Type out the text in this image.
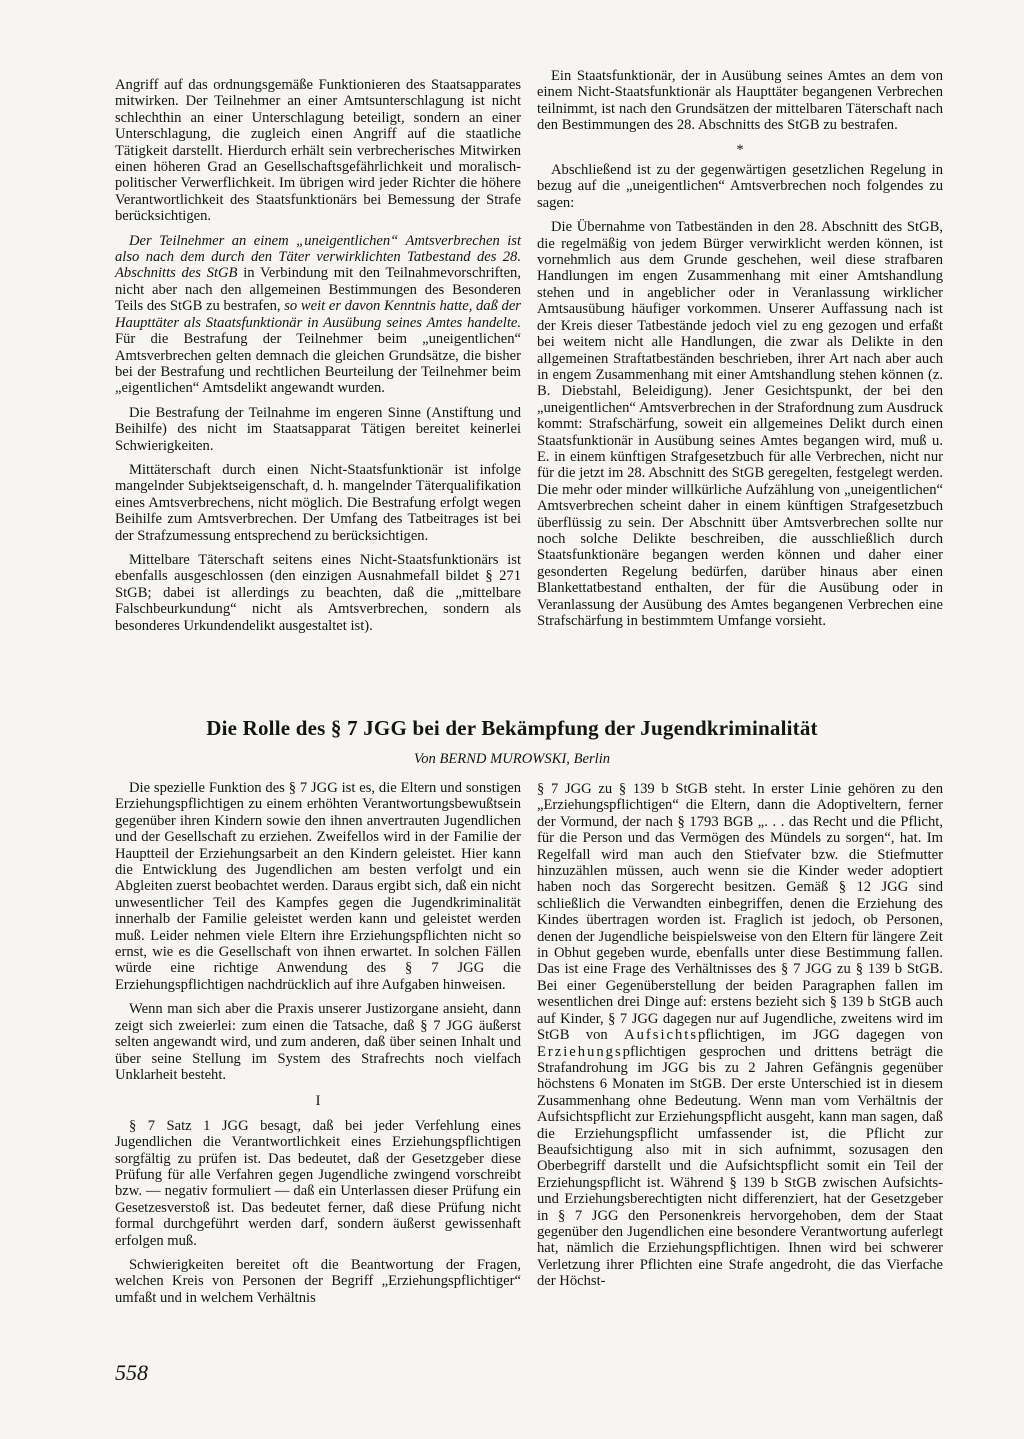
Angriff auf das ordnungsgemäße Funktionieren des Staatsapparates mitwirken. Der Teilnehmer an einer Amtsunterschlagung ist nicht schlechthin an einer Unterschlagung beteiligt, sondern an einer Unterschlagung, die zugleich einen Angriff auf die staatliche Tätigkeit darstellt. Hierdurch erhält sein verbrecherisches Mitwirken einen höheren Grad an Gesellschaftsgefährlichkeit und moralisch-politischer Verwerflichkeit. Im übrigen wird jeder Richter die höhere Verantwortlichkeit des Staatsfunktionärs bei Bemessung der Strafe berücksichtigen.

Der Teilnehmer an einem „uneigentlichen“ Amtsverbrechen ist also nach dem durch den Täter verwirklichten Tatbestand des 28. Abschnitts des StGB in Verbindung mit den Teilnahmevorschriften, nicht aber nach den allgemeinen Bestimmungen des Besonderen Teils des StGB zu bestrafen, so weit er davon Kenntnis hatte, daß der Haupttäter als Staatsfunktionär in Ausübung seines Amtes handelte. Für die Bestrafung der Teilnehmer beim „uneigentlichen“ Amtsverbrechen gelten demnach die gleichen Grundsätze, die bisher bei der Bestrafung und rechtlichen Beurteilung der Teilnehmer beim „eigentlichen“ Amtsdelikt angewandt wurden.

Die Bestrafung der Teilnahme im engeren Sinne (Anstiftung und Beihilfe) des nicht im Staatsapparat Tätigen bereitet keinerlei Schwierigkeiten.

Mittäterschaft durch einen Nicht-Staatsfunktionär ist infolge mangelnder Subjektseigenschaft, d. h. mangelnder Täterqualifikation eines Amtsverbrechens, nicht möglich. Die Bestrafung erfolgt wegen Beihilfe zum Amtsverbrechen. Der Umfang des Tatbeitrages ist bei der Strafzumessung entsprechend zu berücksichtigen.

Mittelbare Täterschaft seitens eines Nicht-Staatsfunktionärs ist ebenfalls ausgeschlossen (den einzigen Ausnahmefall bildet § 271 StGB; dabei ist allerdings zu beachten, daß die „mittelbare Falschbeurkundung“ nicht als Amtsverbrechen, sondern als besonderes Urkundendelikt ausgestaltet ist).

Ein Staatsfunktionär, der in Ausübung seines Amtes an dem von einem Nicht-Staatsfunktionär als Haupttäter begangenen Verbrechen teilnimmt, ist nach den Grundsätzen der mittelbaren Täterschaft nach den Bestimmungen des 28. Abschnitts des StGB zu bestrafen.

*

Abschließend ist zu der gegenwärtigen gesetzlichen Regelung in bezug auf die „uneigentlichen“ Amtsverbrechen noch folgendes zu sagen:

Die Übernahme von Tatbeständen in den 28. Abschnitt des StGB, die regelmäßig von jedem Bürger verwirklicht werden können, ist vornehmlich aus dem Grunde geschehen, weil diese strafbaren Handlungen im engen Zusammenhang mit einer Amtshandlung stehen und in angeblicher oder in Veranlassung wirklicher Amtsausübung häufiger vorkommen. Unserer Auffassung nach ist der Kreis dieser Tatbestände jedoch viel zu eng gezogen und erfaßt bei weitem nicht alle Handlungen, die zwar als Delikte in den allgemeinen Straftatbeständen beschrieben, ihrer Art nach aber auch in engem Zusammenhang mit einer Amtshandlung stehen können (z. B. Diebstahl, Beleidigung). Jener Gesichtspunkt, der bei den „uneigentlichen“ Amtsverbrechen in der Strafordnung zum Ausdruck kommt: Strafschärfung, soweit ein allgemeines Delikt durch einen Staatsfunktionär in Ausübung seines Amtes begangen wird, muß u. E. in einem künftigen Strafgesetzbuch für alle Verbrechen, nicht nur für die jetzt im 28. Abschnitt des StGB geregelten, festgelegt werden. Die mehr oder minder willkürliche Aufzählung von „uneigentlichen“ Amtsverbrechen scheint daher in einem künftigen Strafgesetzbuch überflüssig zu sein. Der Abschnitt über Amtsverbrechen sollte nur noch solche Delikte beschreiben, die ausschließlich durch Staatsfunktionäre begangen werden können und daher einer gesonderten Regelung bedürfen, darüber hinaus aber einen Blankettatbestand enthalten, der für die Ausübung oder in Veranlassung der Ausübung des Amtes begangenen Verbrechen eine Strafschärfung in bestimmtem Umfange vorsieht.

Die Rolle des § 7 JGG bei der Bekämpfung der Jugendkriminalität
Von BERND MUROWSKI, Berlin

Die spezielle Funktion des § 7 JGG ist es, die Eltern und sonstigen Erziehungspflichtigen zu einem erhöhten Verantwortungsbewußtsein gegenüber ihren Kindern sowie den ihnen anvertrauten Jugendlichen und der Gesellschaft zu erziehen. Zweifellos wird in der Familie der Hauptteil der Erziehungsarbeit an den Kindern geleistet. Hier kann die Entwicklung des Jugendlichen am besten verfolgt und ein Abgleiten zuerst beobachtet werden. Daraus ergibt sich, daß ein nicht unwesentlicher Teil des Kampfes gegen die Jugendkriminalität innerhalb der Familie geleistet werden kann und geleistet werden muß. Leider nehmen viele Eltern ihre Erziehungspflichten nicht so ernst, wie es die Gesellschaft von ihnen erwartet. In solchen Fällen würde eine richtige Anwendung des § 7 JGG die Erziehungspflichtigen nachdrücklich auf ihre Aufgaben hinweisen.

Wenn man sich aber die Praxis unserer Justizorgane ansieht, dann zeigt sich zweierlei: zum einen die Tatsache, daß § 7 JGG äußerst selten angewandt wird, und zum anderen, daß über seinen Inhalt und über seine Stellung im System des Strafrechts noch vielfach Unklarheit besteht.

I

§ 7 Satz 1 JGG besagt, daß bei jeder Verfehlung eines Jugendlichen die Verantwortlichkeit eines Erziehungspflichtigen sorgfältig zu prüfen ist. Das bedeutet, daß der Gesetzgeber diese Prüfung für alle Verfahren gegen Jugendliche zwingend vorschreibt bzw. — negativ formuliert — daß ein Unterlassen dieser Prüfung ein Gesetzesverstoß ist. Das bedeutet ferner, daß diese Prüfung nicht formal durchgeführt werden darf, sondern äußerst gewissenhaft erfolgen muß.

Schwierigkeiten bereitet oft die Beantwortung der Fragen, welchen Kreis von Personen der Begriff „Erziehungspflichtiger“ umfaßt und in welchem Verhältnis

§ 7 JGG zu § 139 b StGB steht. In erster Linie gehören zu den „Erziehungspflichtigen“ die Eltern, dann die Adoptiveltern, ferner der Vormund, der nach § 1793 BGB „. . . das Recht und die Pflicht, für die Person und das Vermögen des Mündels zu sorgen“, hat. Im Regelfall wird man auch den Stiefvater bzw. die Stiefmutter hinzuzählen müssen, auch wenn sie die Kinder weder adoptiert haben noch das Sorgerecht besitzen. Gemäß § 12 JGG sind schließlich die Verwandten einbegriffen, denen die Erziehung des Kindes übertragen worden ist. Fraglich ist jedoch, ob Personen, denen der Jugendliche beispielsweise von den Eltern für längere Zeit in Obhut gegeben wurde, ebenfalls unter diese Bestimmung fallen. Das ist eine Frage des Verhältnisses des § 7 JGG zu § 139 b StGB. Bei einer Gegenüberstellung der beiden Paragraphen fallen im wesentlichen drei Dinge auf: erstens bezieht sich § 139 b StGB auch auf Kinder, § 7 JGG dagegen nur auf Jugendliche, zweitens wird im StGB von Aufsichtspflichtigen, im JGG dagegen von Erziehungspflichtigen gesprochen und drittens beträgt die Strafandrohung im JGG bis zu 2 Jahren Gefängnis gegenüber höchstens 6 Monaten im StGB. Der erste Unterschied ist in diesem Zusammenhang ohne Bedeutung. Wenn man vom Verhältnis der Aufsichtspflicht zur Erziehungspflicht ausgeht, kann man sagen, daß die Erziehungspflicht umfassender ist, die Pflicht zur Beaufsichtigung also mit in sich aufnimmt, sozusagen den Oberbegriff darstellt und die Aufsichtspflicht somit ein Teil der Erziehungspflicht ist. Während § 139 b StGB zwischen Aufsichts- und Erziehungsberechtigten nicht differenziert, hat der Gesetzgeber in § 7 JGG den Personenkreis hervorgehoben, dem der Staat gegenüber den Jugendlichen eine besondere Verantwortung auferlegt hat, nämlich die Erziehungspflichtigen. Ihnen wird bei schwerer Verletzung ihrer Pflichten eine Strafe angedroht, die das Vierfache der Höchst-

558
